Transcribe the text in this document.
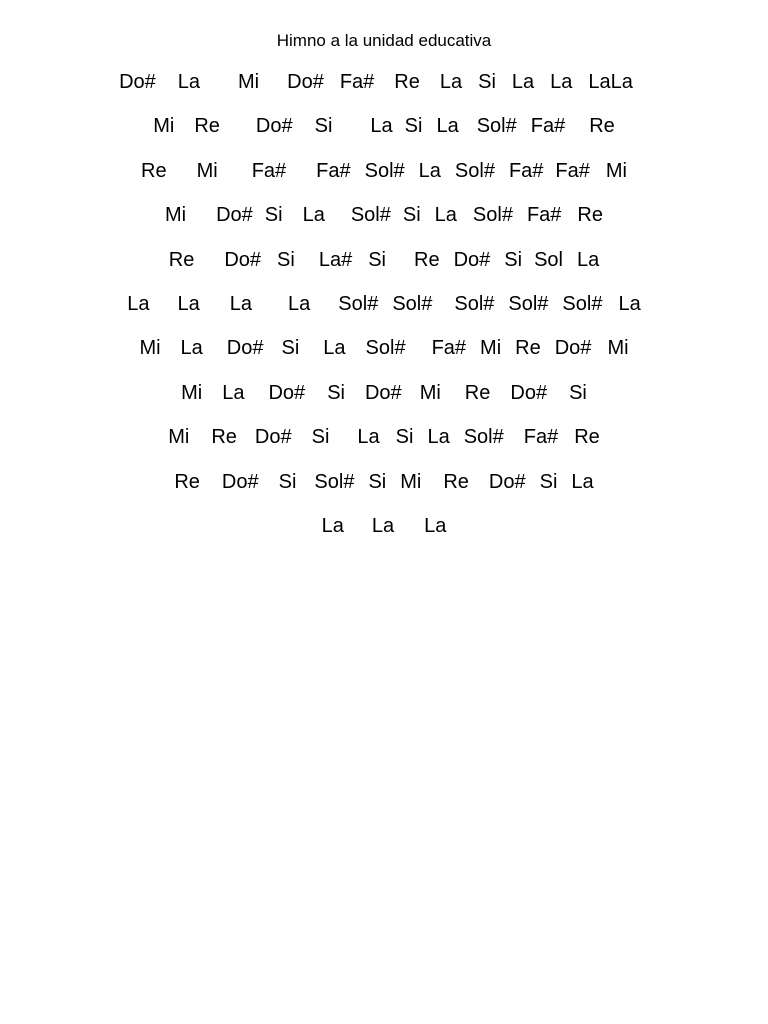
Himno a la unidad educativa
Do# La Mi Do# Fa# Re La Si La La LaLa
Mi Re Do# Si La Si La Sol# Fa# Re
Re Mi Fa# Fa# Sol# La Sol# Fa# Fa# Mi
Mi Do# Si La Sol# Si La Sol# Fa# Re
Re Do# Si La# Si Re Do# Si Sol La
La La La La Sol# Sol# Sol# Sol# Sol# La
Mi La Do# Si La Sol# Fa# Mi Re Do# Mi
Mi La Do# Si Do# Mi Re Do# Si
Mi Re Do# Si La Si La Sol# Fa# Re
Re Do# Si Sol# Si Mi Re Do# Si La
La La La
